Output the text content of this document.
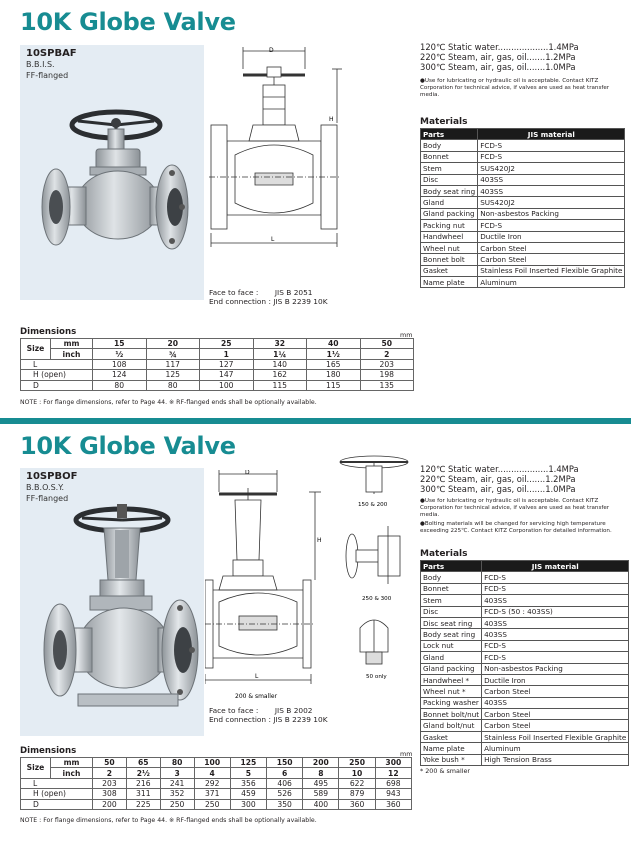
10K Globe Valve
10SPBAF
B.B.I.S.
FF-flanged
D
H
L
Face to face : JIS B 2051
End connection : JIS B 2239 10K
120℃ Static water...................1.4MPa
220℃ Steam, air, gas, oil.......1.2MPa
300℃ Steam, air, gas, oil.......1.0MPa
●Use for lubricating or hydraulic oil is acceptable. Contact KITZ Corporation for technical advice, if valves are used as heat transfer media.
Materials
Parts	JIS material
Body	FCD-S
Bonnet	FCD-S
Stem	SUS420J2
Disc	403SS
Body seat ring	403SS
Gland	SUS420J2
Gland packing	Non-asbestos Packing
Packing nut	FCD-S
Handwheel	Ductile Iron
Wheel nut	Carbon Steel
Bonnet bolt	Carbon Steel
Gasket	Stainless Foil Inserted Flexible Graphite
Name plate	Aluminum
Dimensions	mm
Size	mm	15	20	25	32	40	50
	inch	½	¾	1	1¼	1½	2
L		108	117	127	140	165	203
H (open)		124	125	147	162	180	198
D		80	80	100	115	115	135
NOTE : For flange dimensions, refer to Page 44. ※ RF-flanged ends shall be optionally available.
10K Globe Valve
10SPBOF
B.B.O.S.Y.
FF-flanged
D
H
L
200 & smaller
150 & 200
250 & 300
50 only
Face to face : JIS B 2002
End connection : JIS B 2239 10K
120℃ Static water...................1.4MPa
220℃ Steam, air, gas, oil.......1.2MPa
300℃ Steam, air, gas, oil.......1.0MPa
●Use for lubricating or hydraulic oil is acceptable. Contact KITZ Corporation for technical advice, if valves are used as heat transfer media.
●Bolting materials will be changed for servicing high temperature exceeding 225℃. Contact KITZ Corporation for detailed information.
Materials
Parts	JIS material
Body	FCD-S
Bonnet	FCD-S
Stem	403SS
Disc	FCD-S (50 : 403SS)
Disc seat ring	403SS
Body seat ring	403SS
Lock nut	FCD-S
Gland	FCD-S
Gland packing	Non-asbestos Packing
Handwheel *	Ductile Iron
Wheel nut *	Carbon Steel
Packing washer	403SS
Bonnet bolt/nut	Carbon Steel
Gland bolt/nut	Carbon Steel
Gasket	Stainless Foil Inserted Flexible Graphite
Name plate	Aluminum
Yoke bush *	High Tension Brass
* 200 & smaller
Dimensions	mm
Size	mm	50	65	80	100	125	150	200	250	300
	inch	2	2½	3	4	5	6	8	10	12
L		203	216	241	292	356	406	495	622	698
H (open)		308	311	352	371	459	526	589	879	943
D		200	225	250	250	300	350	400	360	360
NOTE : For flange dimensions, refer to Page 44. ※ RF-flanged ends shall be optionally available.
